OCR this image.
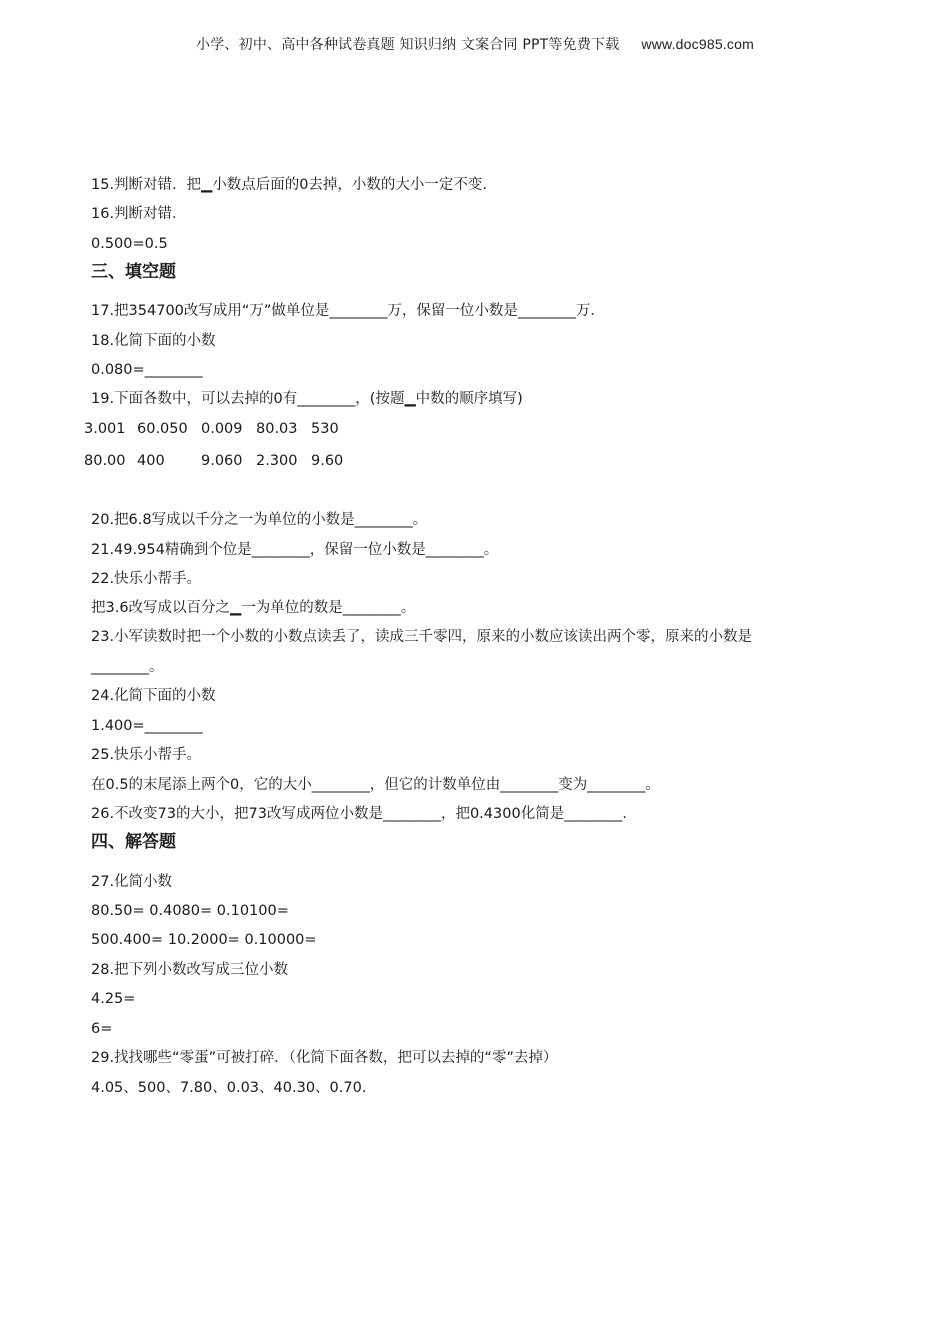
小学、初中、高中各种试卷真题 知识归纳 文案合同 PPT等免费下载 www.doc985.com
15.判断对错．把▁小数点后面的0去掉，小数的大小一定不变．
16.判断对错．
0.500=0.5
三、填空题
17.把354700改写成用“万”做单位是________万，保留一位小数是________万．
18.化简下面的小数
0.080=________
19.下面各数中，可以去掉的0有________，(按题▁中数的顺序填写)
3.001 60.050 0.009 80.03 530
80.00 400	9.060 2.300 9.60
20.把6.8写成以千分之一为单位的小数是________。
21.49.954精确到个位是________，保留一位小数是________。
22.快乐小帮手。
把3.6改写成以百分之▁一为单位的数是________。
23.小军读数时把一个小数的小数点读丢了，读成三千零四，原来的小数应该读出两个零，原来的小数是
________。
24.化简下面的小数
1.400=________
25.快乐小帮手。
在0.5的末尾添上两个0，它的大小________，但它的计数单位由________变为________。
26.不改变73的大小，把73改写成两位小数是________，把0.4300化简是________.
四、解答题
27.化简小数
80.50= 0.4080= 0.10100=
500.400= 10.2000= 0.10000=
28.把下列小数改写成三位小数
4.25=
6=
29.找找哪些“零蛋”可被打碎．（化简下面各数，把可以去掉的“零”去掉）
4.05、500、7.80、0.03、40.30、0.70.
